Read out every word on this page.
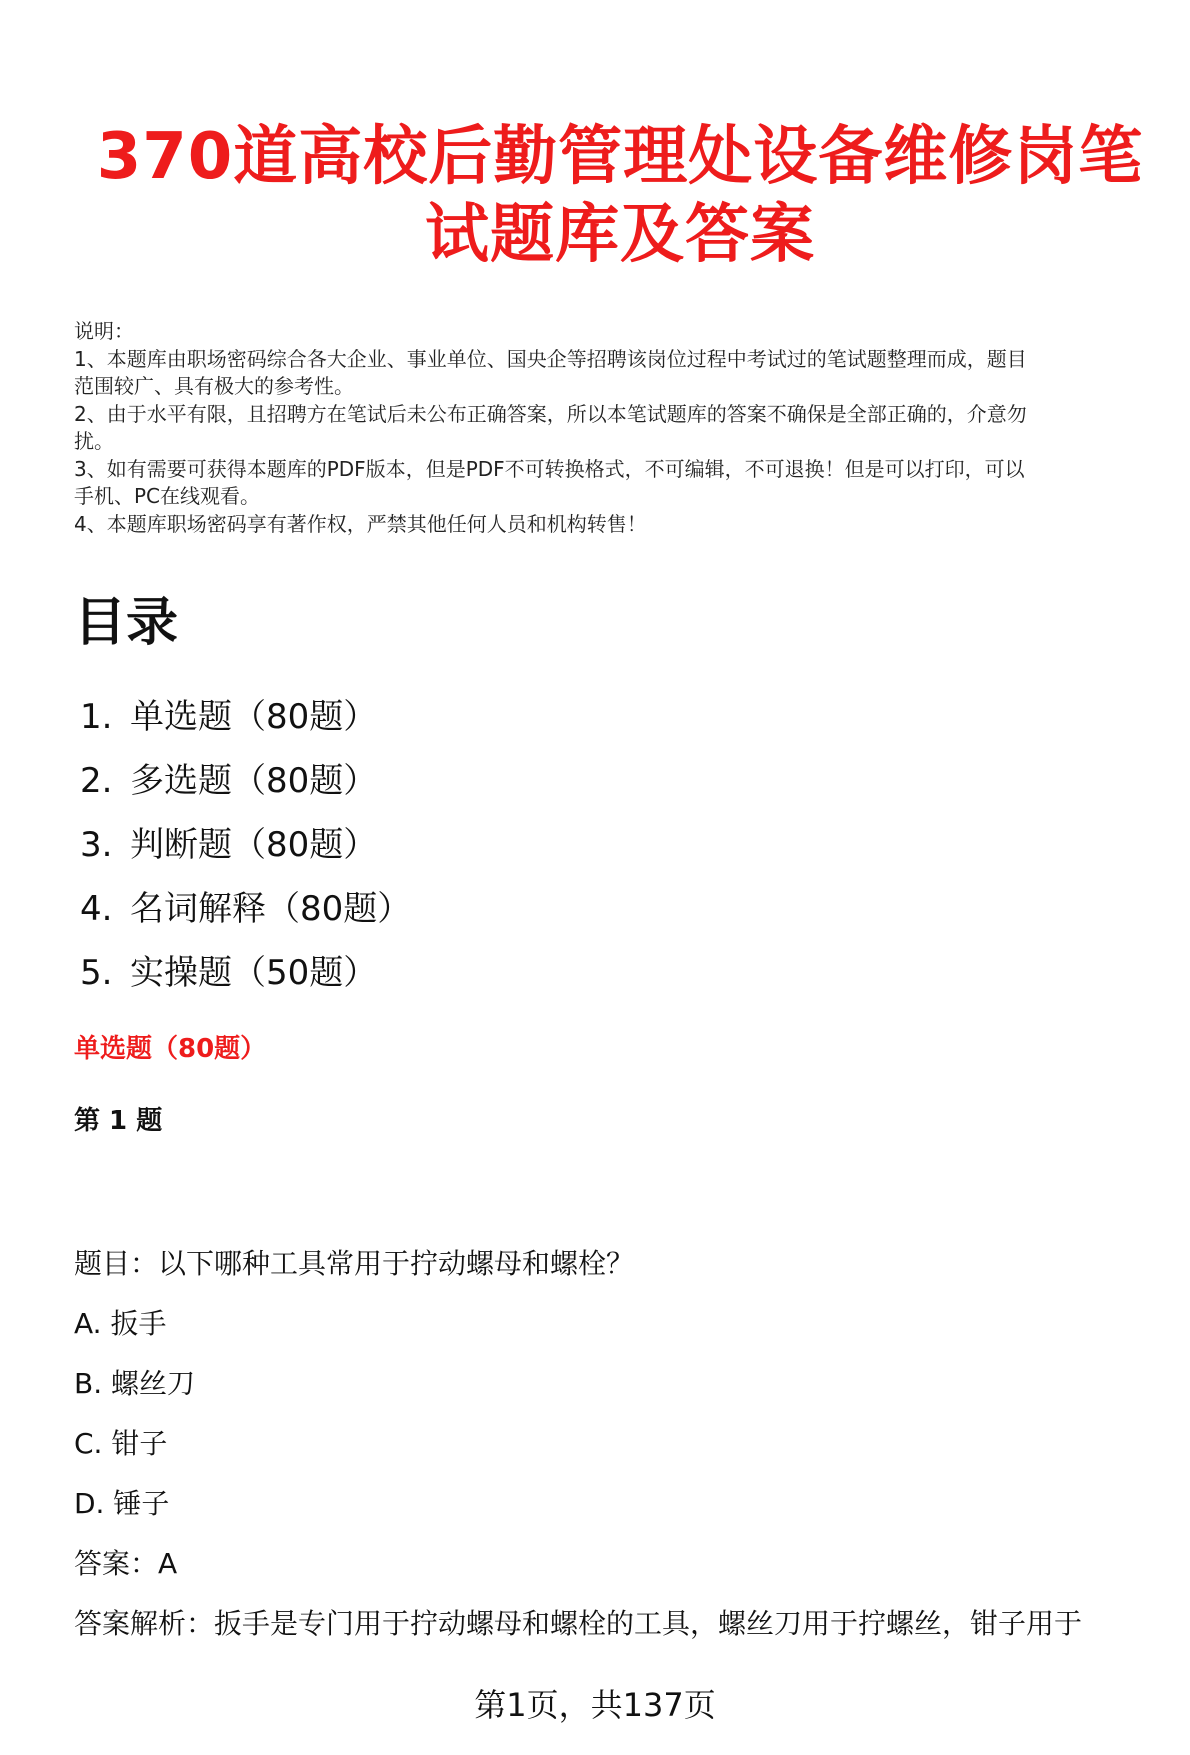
370道高校后勤管理处设备维修岗笔
试题库及答案
说明：
1、本题库由职场密码综合各大企业、事业单位、国央企等招聘该岗位过程中考试过的笔试题整理而成，题目
范围较广、具有极大的参考性。
2、由于水平有限，且招聘方在笔试后未公布正确答案，所以本笔试题库的答案不确保是全部正确的，介意勿
扰。
3、如有需要可获得本题库的PDF版本，但是PDF不可转换格式，不可编辑，不可退换！但是可以打印，可以
手机、PC在线观看。
4、本题库职场密码享有著作权，严禁其他任何人员和机构转售！
目录
1. 单选题（80题）
2. 多选题（80题）
3. 判断题（80题）
4. 名词解释（80题）
5. 实操题（50题）
单选题（80题）
第 1 题
题目：以下哪种工具常用于拧动螺母和螺栓？
A. 扳手
B. 螺丝刀
C. 钳子
D. 锤子
答案：A
答案解析：扳手是专门用于拧动螺母和螺栓的工具，螺丝刀用于拧螺丝，钳子用于
第1页，共137页
